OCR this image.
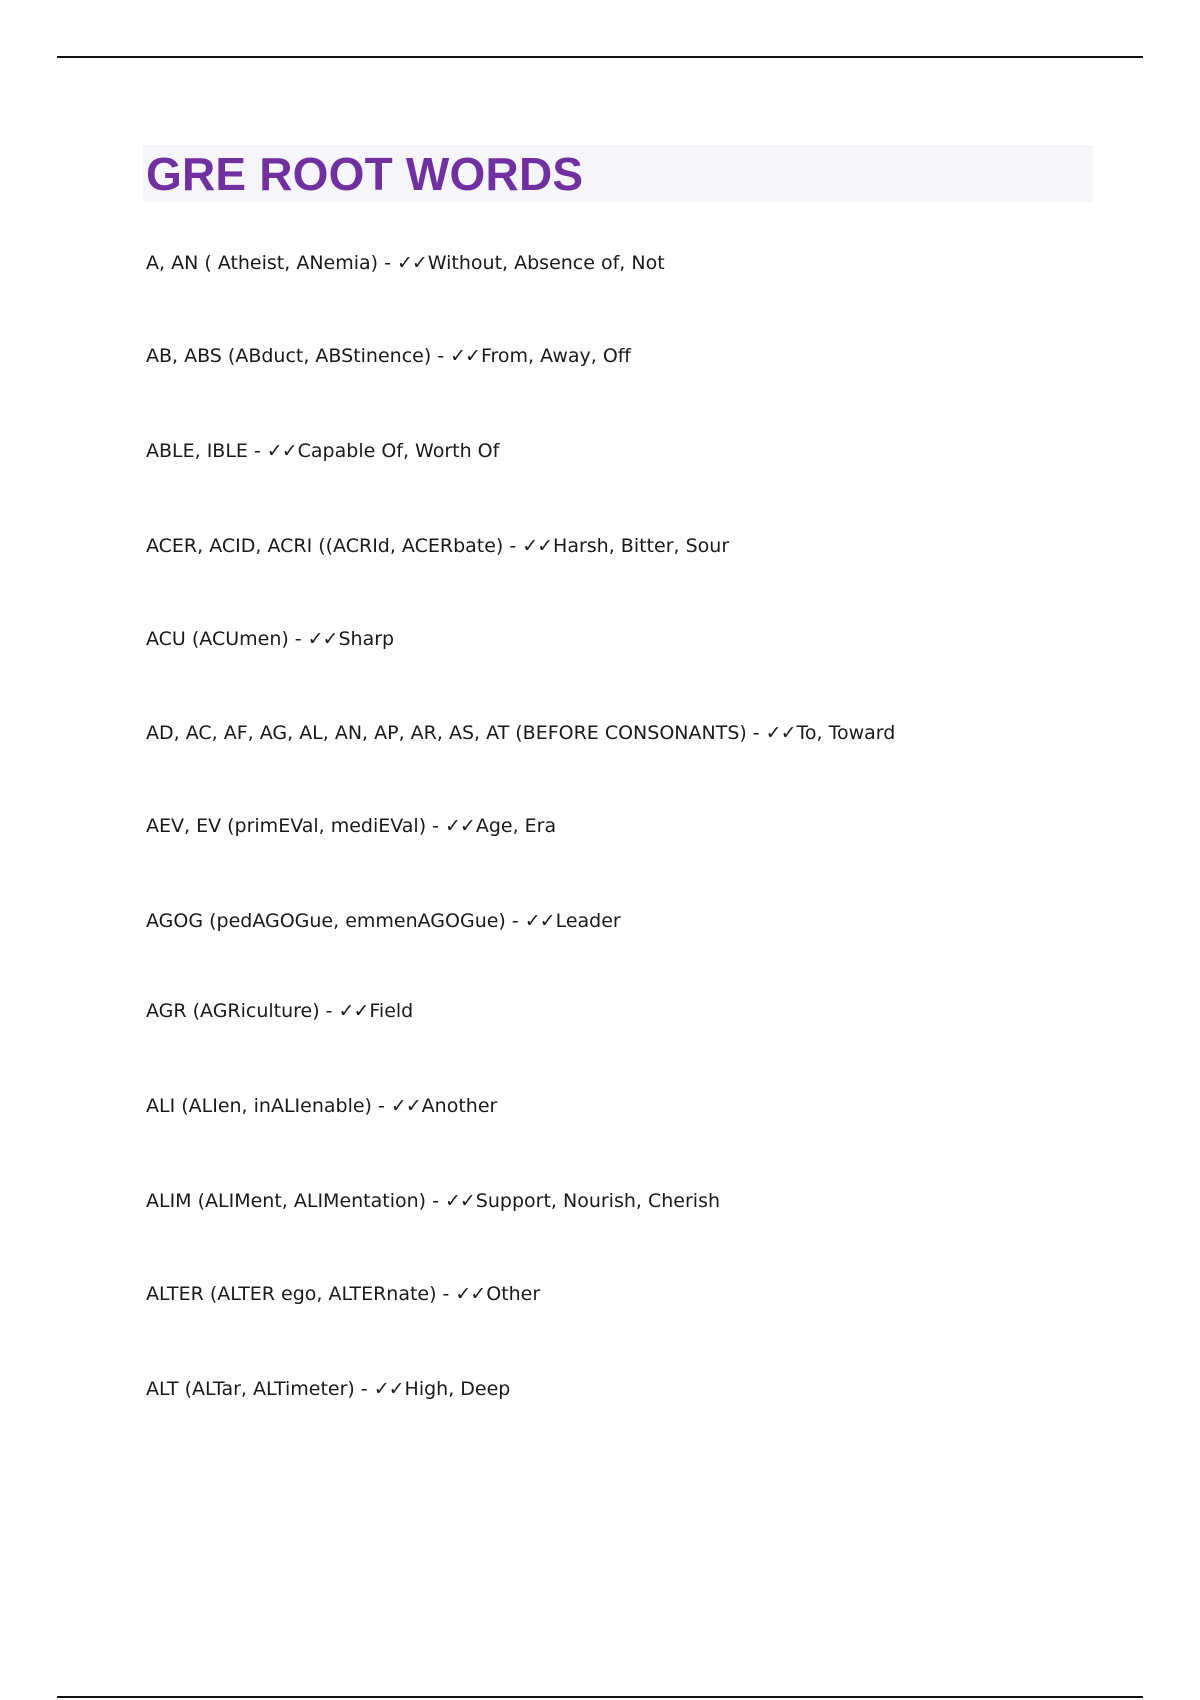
GRE ROOT WORDS

A, AN ( Atheist, ANemia) - ✓✓Without, Absence of, Not

AB, ABS (ABduct, ABStinence) - ✓✓From, Away, Off

ABLE, IBLE - ✓✓Capable Of, Worth Of

ACER, ACID, ACRI ((ACRId, ACERbate) - ✓✓Harsh, Bitter, Sour

ACU (ACUmen) - ✓✓Sharp

AD, AC, AF, AG, AL, AN, AP, AR, AS, AT (BEFORE CONSONANTS) - ✓✓To, Toward

AEV, EV (primEVal, mediEVal) - ✓✓Age, Era

AGOG (pedAGOGue, emmenAGOGue) - ✓✓Leader

AGR (AGRiculture) - ✓✓Field

ALI (ALIen, inALIenable) - ✓✓Another

ALIM (ALIMent, ALIMentation) - ✓✓Support, Nourish, Cherish

ALTER (ALTER ego, ALTERnate) - ✓✓Other

ALT (ALTar, ALTimeter) - ✓✓High, Deep
